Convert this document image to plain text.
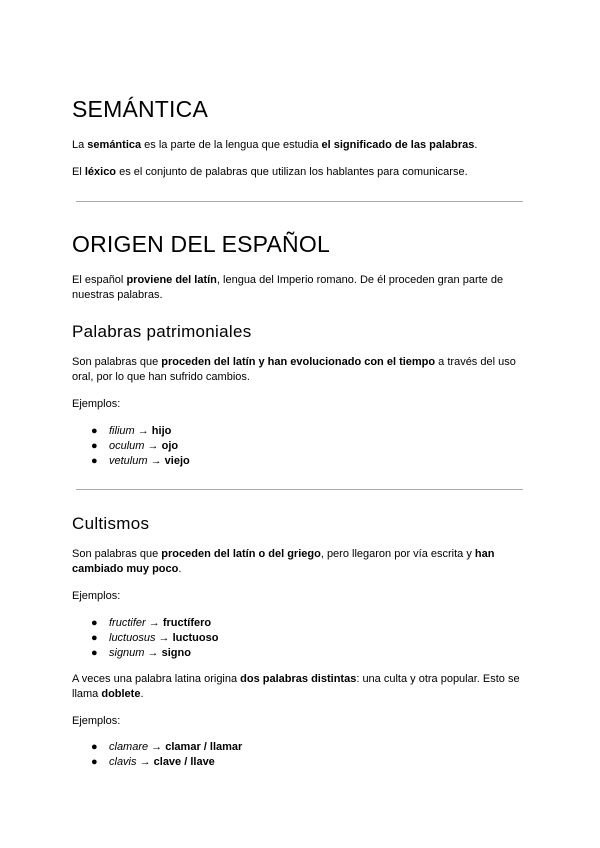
SEMÁNTICA
La semántica es la parte de la lengua que estudia el significado de las palabras.
El léxico es el conjunto de palabras que utilizan los hablantes para comunicarse.
ORIGEN DEL ESPAÑOL
El español proviene del latín, lengua del Imperio romano. De él proceden gran parte de nuestras palabras.
Palabras patrimoniales
Son palabras que proceden del latín y han evolucionado con el tiempo a través del uso oral, por lo que han sufrido cambios.
Ejemplos:
●	filium → hijo
●	oculum → ojo
●	vetulum → viejo
Cultismos
Son palabras que proceden del latín o del griego, pero llegaron por vía escrita y han cambiado muy poco.
Ejemplos:
●	fructifer → fructífero
●	luctuosus → luctuoso
●	signum → signo
A veces una palabra latina origina dos palabras distintas: una culta y otra popular. Esto se llama doblete.
Ejemplos:
●	clamare → clamar / llamar
●	clavis → clave / llave
